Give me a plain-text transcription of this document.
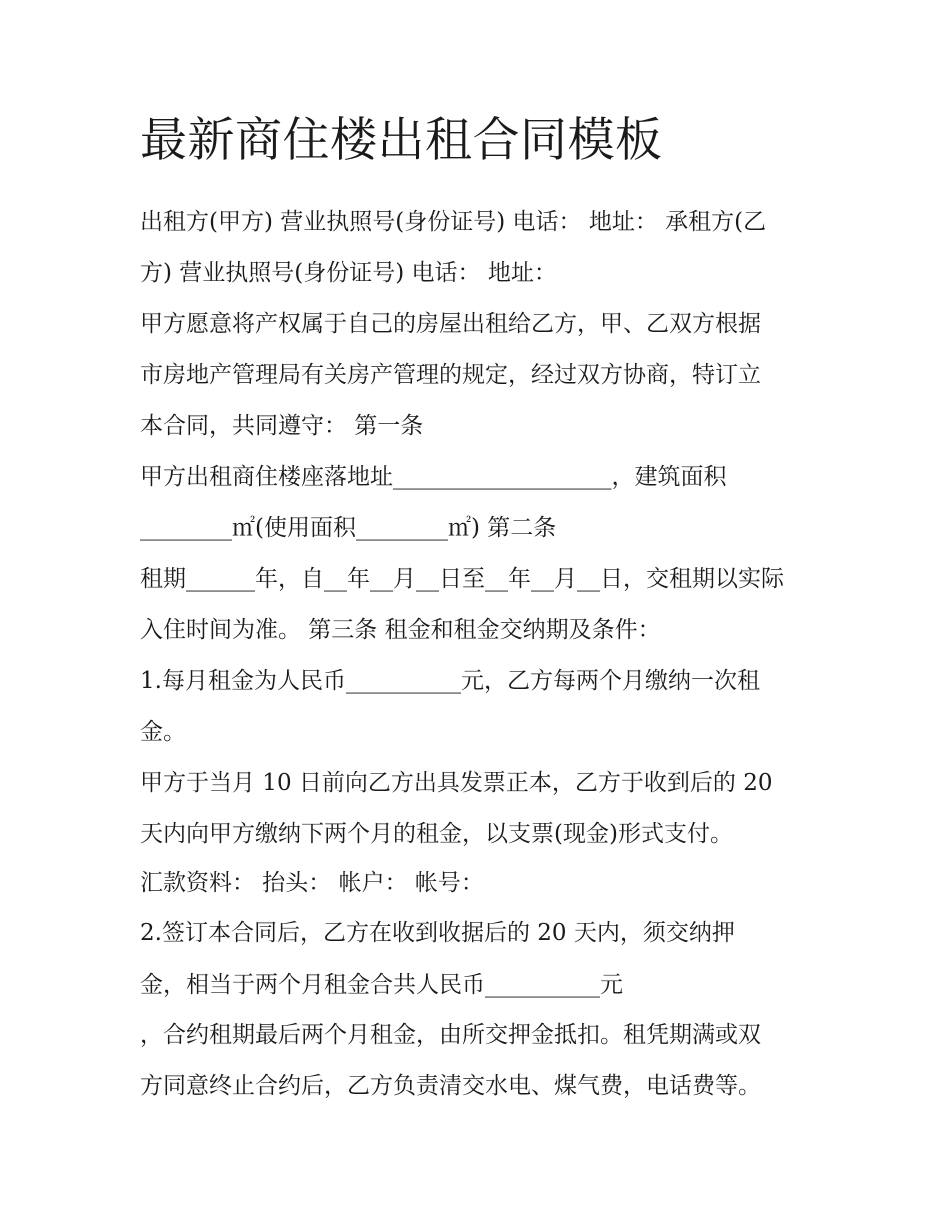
最新商住楼出租合同模板

出租方(甲方) 营业执照号(身份证号) 电话： 地址： 承租方(乙

方) 营业执照号(身份证号) 电话： 地址：

甲方愿意将产权属于自己的房屋出租给乙方，甲、乙双方根据

市房地产管理局有关房产管理的规定，经过双方协商，特订立

本合同，共同遵守： 第一条

甲方出租商住楼座落地址___________________，建筑面积

________㎡(使用面积________㎡) 第二条

租期______年，自__年__月__日至__年__月__日，交租期以实际

入住时间为准。 第三条 租金和租金交纳期及条件：

1.每月租金为人民币__________元，乙方每两个月缴纳一次租

金。

甲方于当月 10 日前向乙方出具发票正本，乙方于收到后的 20

天内向甲方缴纳下两个月的租金，以支票(现金)形式支付。

汇款资料： 抬头： 帐户： 帐号：

2.签订本合同后，乙方在收到收据后的 20 天内，须交纳押

金，相当于两个月租金合共人民币__________元

，合约租期最后两个月租金，由所交押金抵扣。租凭期满或双

方同意终止合约后，乙方负责清交水电、煤气费，电话费等。
